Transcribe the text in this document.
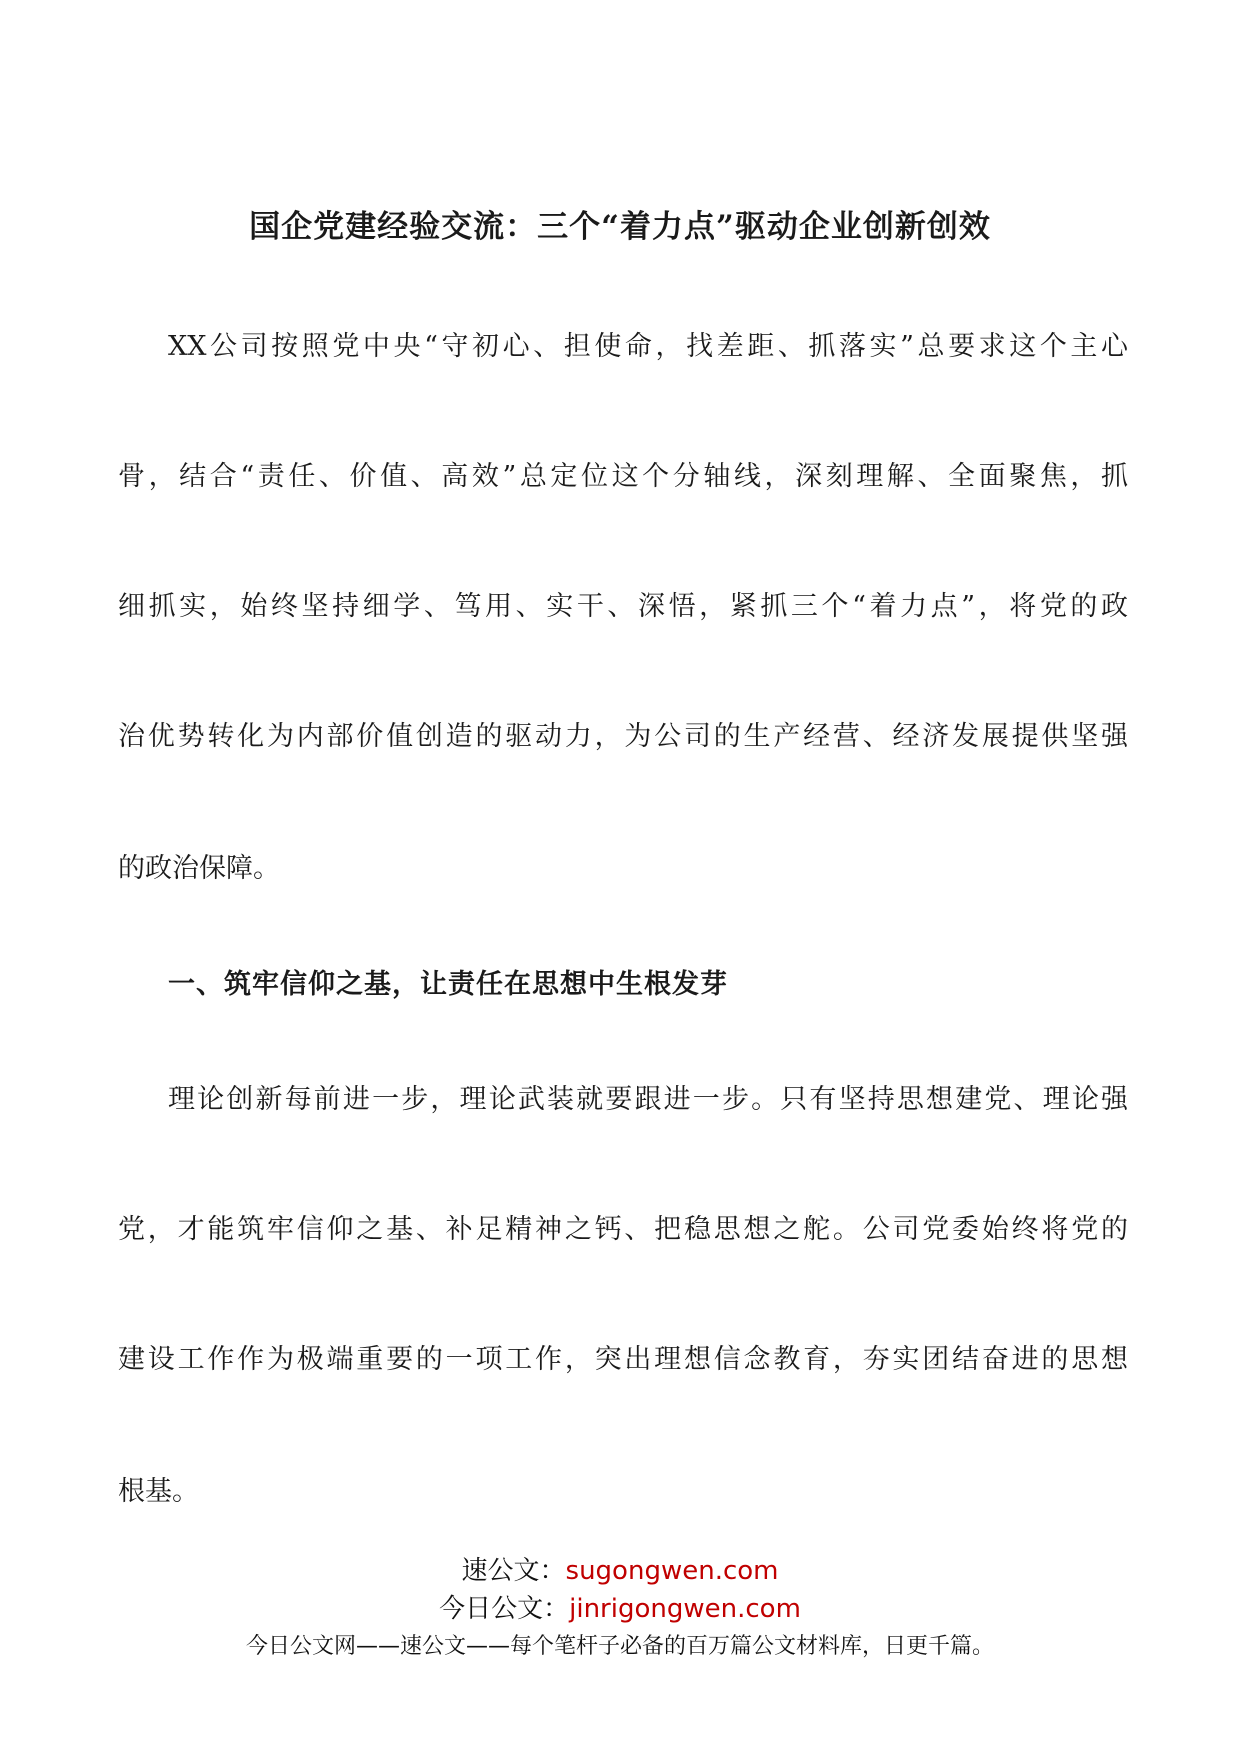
国企党建经验交流：三个“着力点”驱动企业创新创效
XX公司按照党中央“守初心、担使命，找差距、抓落实”总要求这个主心
骨，结合“责任、价值、高效”总定位这个分轴线，深刻理解、全面聚焦，抓
细抓实，始终坚持细学、笃用、实干、深悟，紧抓三个“着力点”，将党的政
治优势转化为内部价值创造的驱动力，为公司的生产经营、经济发展提供坚强
的政治保障。
一、筑牢信仰之基，让责任在思想中生根发芽
理论创新每前进一步，理论武装就要跟进一步。只有坚持思想建党、理论强
党，才能筑牢信仰之基、补足精神之钙、把稳思想之舵。公司党委始终将党的
建设工作作为极端重要的一项工作，突出理想信念教育，夯实团结奋进的思想
根基。
速公文：sugongwen.com
今日公文：jinrigongwen.com
今日公文网——速公文——每个笔杆子必备的百万篇公文材料库，日更千篇。
